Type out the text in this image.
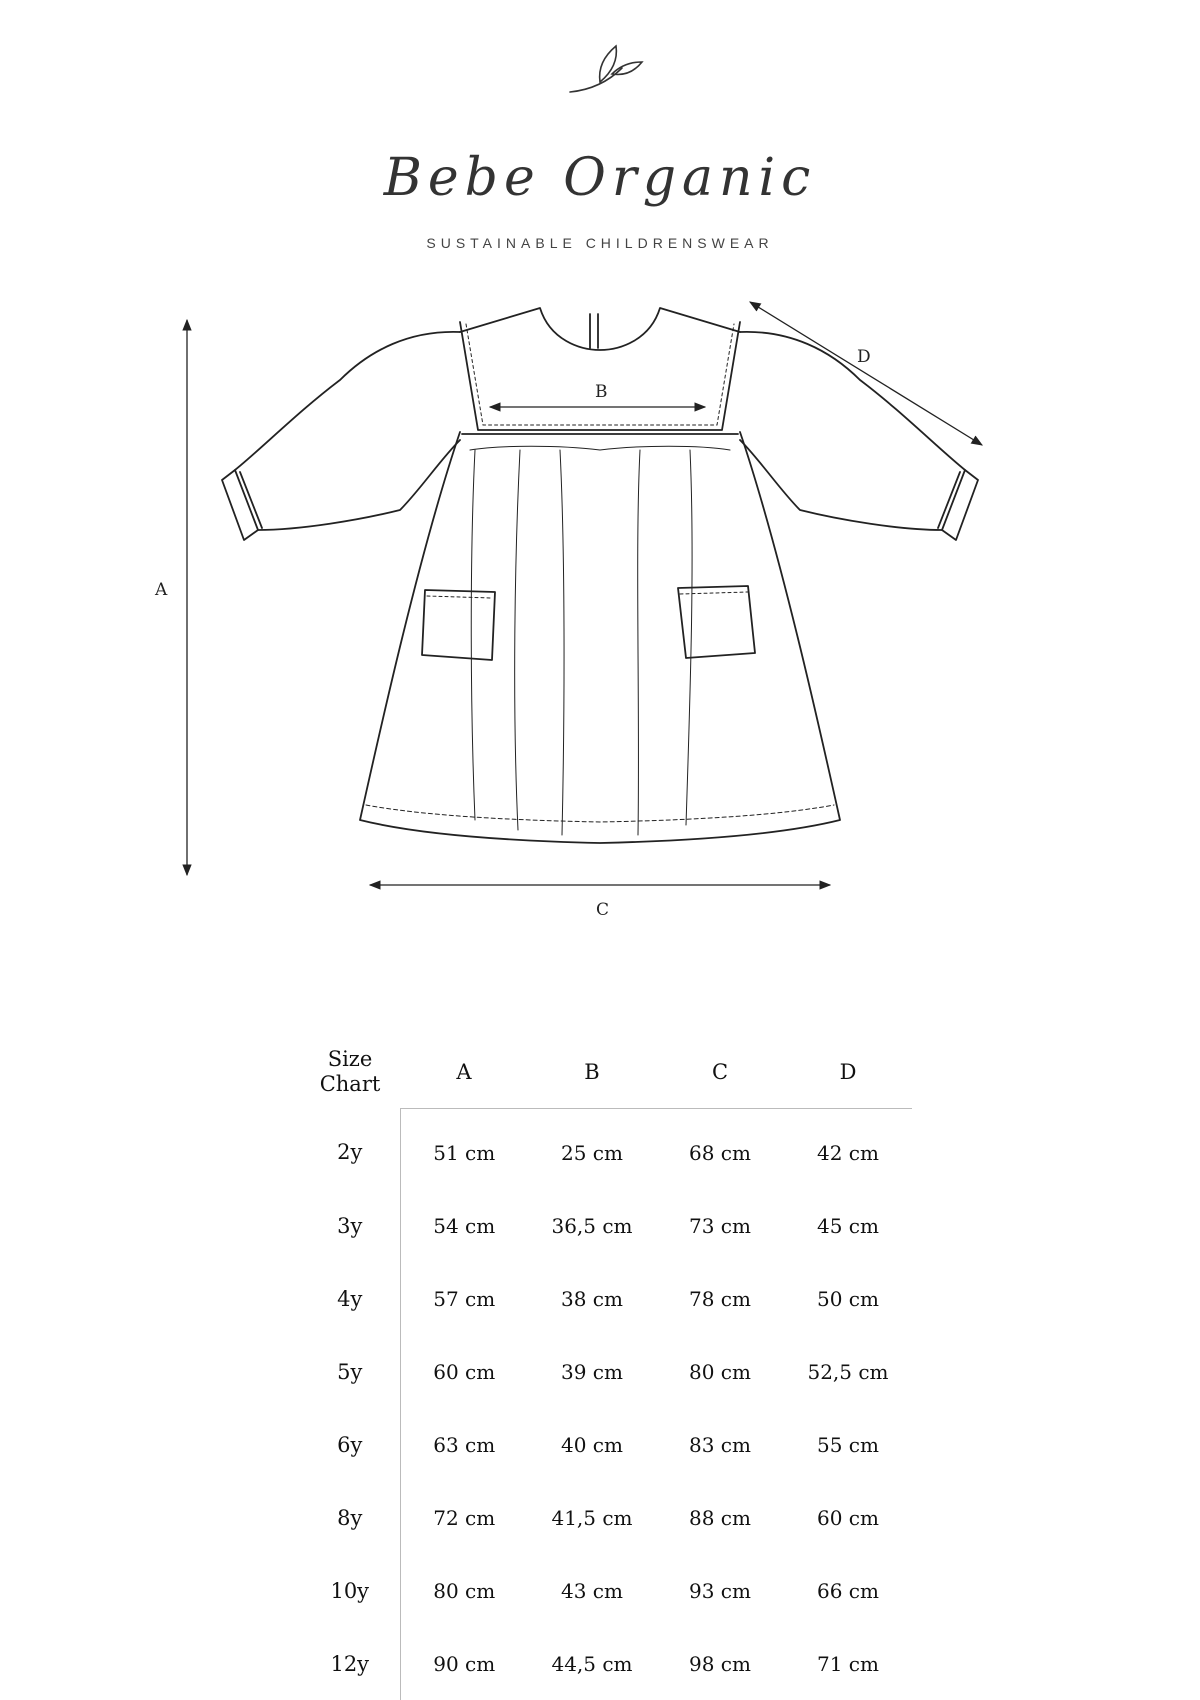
Bebe Organic
SUSTAINABLE CHILDRENSWEAR
A
B
C
D
Size
Chart	A	B	C	D
2y	51 cm	25 cm	68 cm	42 cm
3y	54 cm	36,5 cm	73 cm	45 cm
4y	57 cm	38 cm	78 cm	50 cm
5y	60 cm	39 cm	80 cm	52,5 cm
6y	63 cm	40 cm	83 cm	55 cm
8y	72 cm	41,5 cm	88 cm	60 cm
10y	80 cm	43 cm	93 cm	66 cm
12y	90 cm	44,5 cm	98 cm	71 cm
